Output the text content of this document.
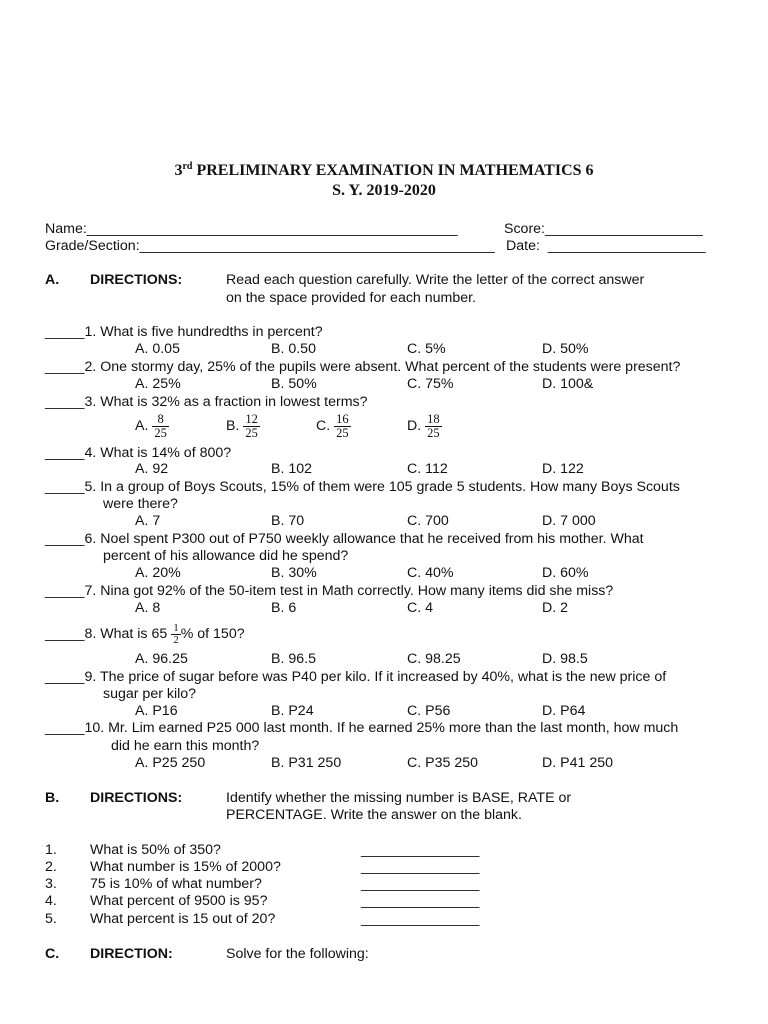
3rd PRELIMINARY EXAMINATION IN MATHEMATICS 6
S. Y. 2019-2020
Name:_______________________________________________	Score:____________________
Grade/Section:_____________________________________________ Date:  ____________________
A. DIRECTIONS:	Read each question carefully. Write the letter of the correct answer
on the space provided for each number.
_____1. What is five hundredths in percent?
A. 0.05	B. 0.50	C. 5%	D. 50%
_____2. One stormy day, 25% of the pupils were absent. What percent of the students were present?
A. 25%	B. 50%	C. 75%	D. 100&
_____3. What is 32% as a fraction in lowest terms?
A. $\frac{8}{25}$	B. $\frac{12}{25}$	C. $\frac{16}{25}$	D. $\frac{18}{25}$
_____4. What is 14% of 800?
A. 92	B. 102	C. 112	D. 122
_____5. In a group of Boys Scouts, 15% of them were 105 grade 5 students. How many Boys Scouts
were there?
A. 7	B. 70	C. 700	D. 7 000
_____6. Noel spent P300 out of P750 weekly allowance that he received from his mother. What
percent of his allowance did he spend?
A. 20%	B. 30%	C. 40%	D. 60%
_____7. Nina got 92% of the 50-item test in Math correctly. How many items did she miss?
A. 8	B. 6	C. 4	D. 2
_____8. What is $65 \frac{1}{2}$ % of 150?
A. 96.25	B. 96.5	C. 98.25	D. 98.5
_____9. The price of sugar before was P40 per kilo. If it increased by 40%, what is the new price of
sugar per kilo?
A. P16	B. P24	C. P56	D. P64
_____10. Mr. Lim earned P25 000 last month. If he earned 25% more than the last month, how much
did he earn this month?
A. P25 250	B. P31 250	C. P35 250	D. P41 250
B. DIRECTIONS:	Identify whether the missing number is BASE, RATE or
PERCENTAGE. Write the answer on the blank.
1. What is 50% of 350?	_______________
2. What number is 15% of 2000?	_______________
3. 75 is 10% of what number?	_______________
4. What percent of 9500 is 95?	_______________
5. What percent is 15 out of 20?	_______________
C. DIRECTION:	Solve for the following:
